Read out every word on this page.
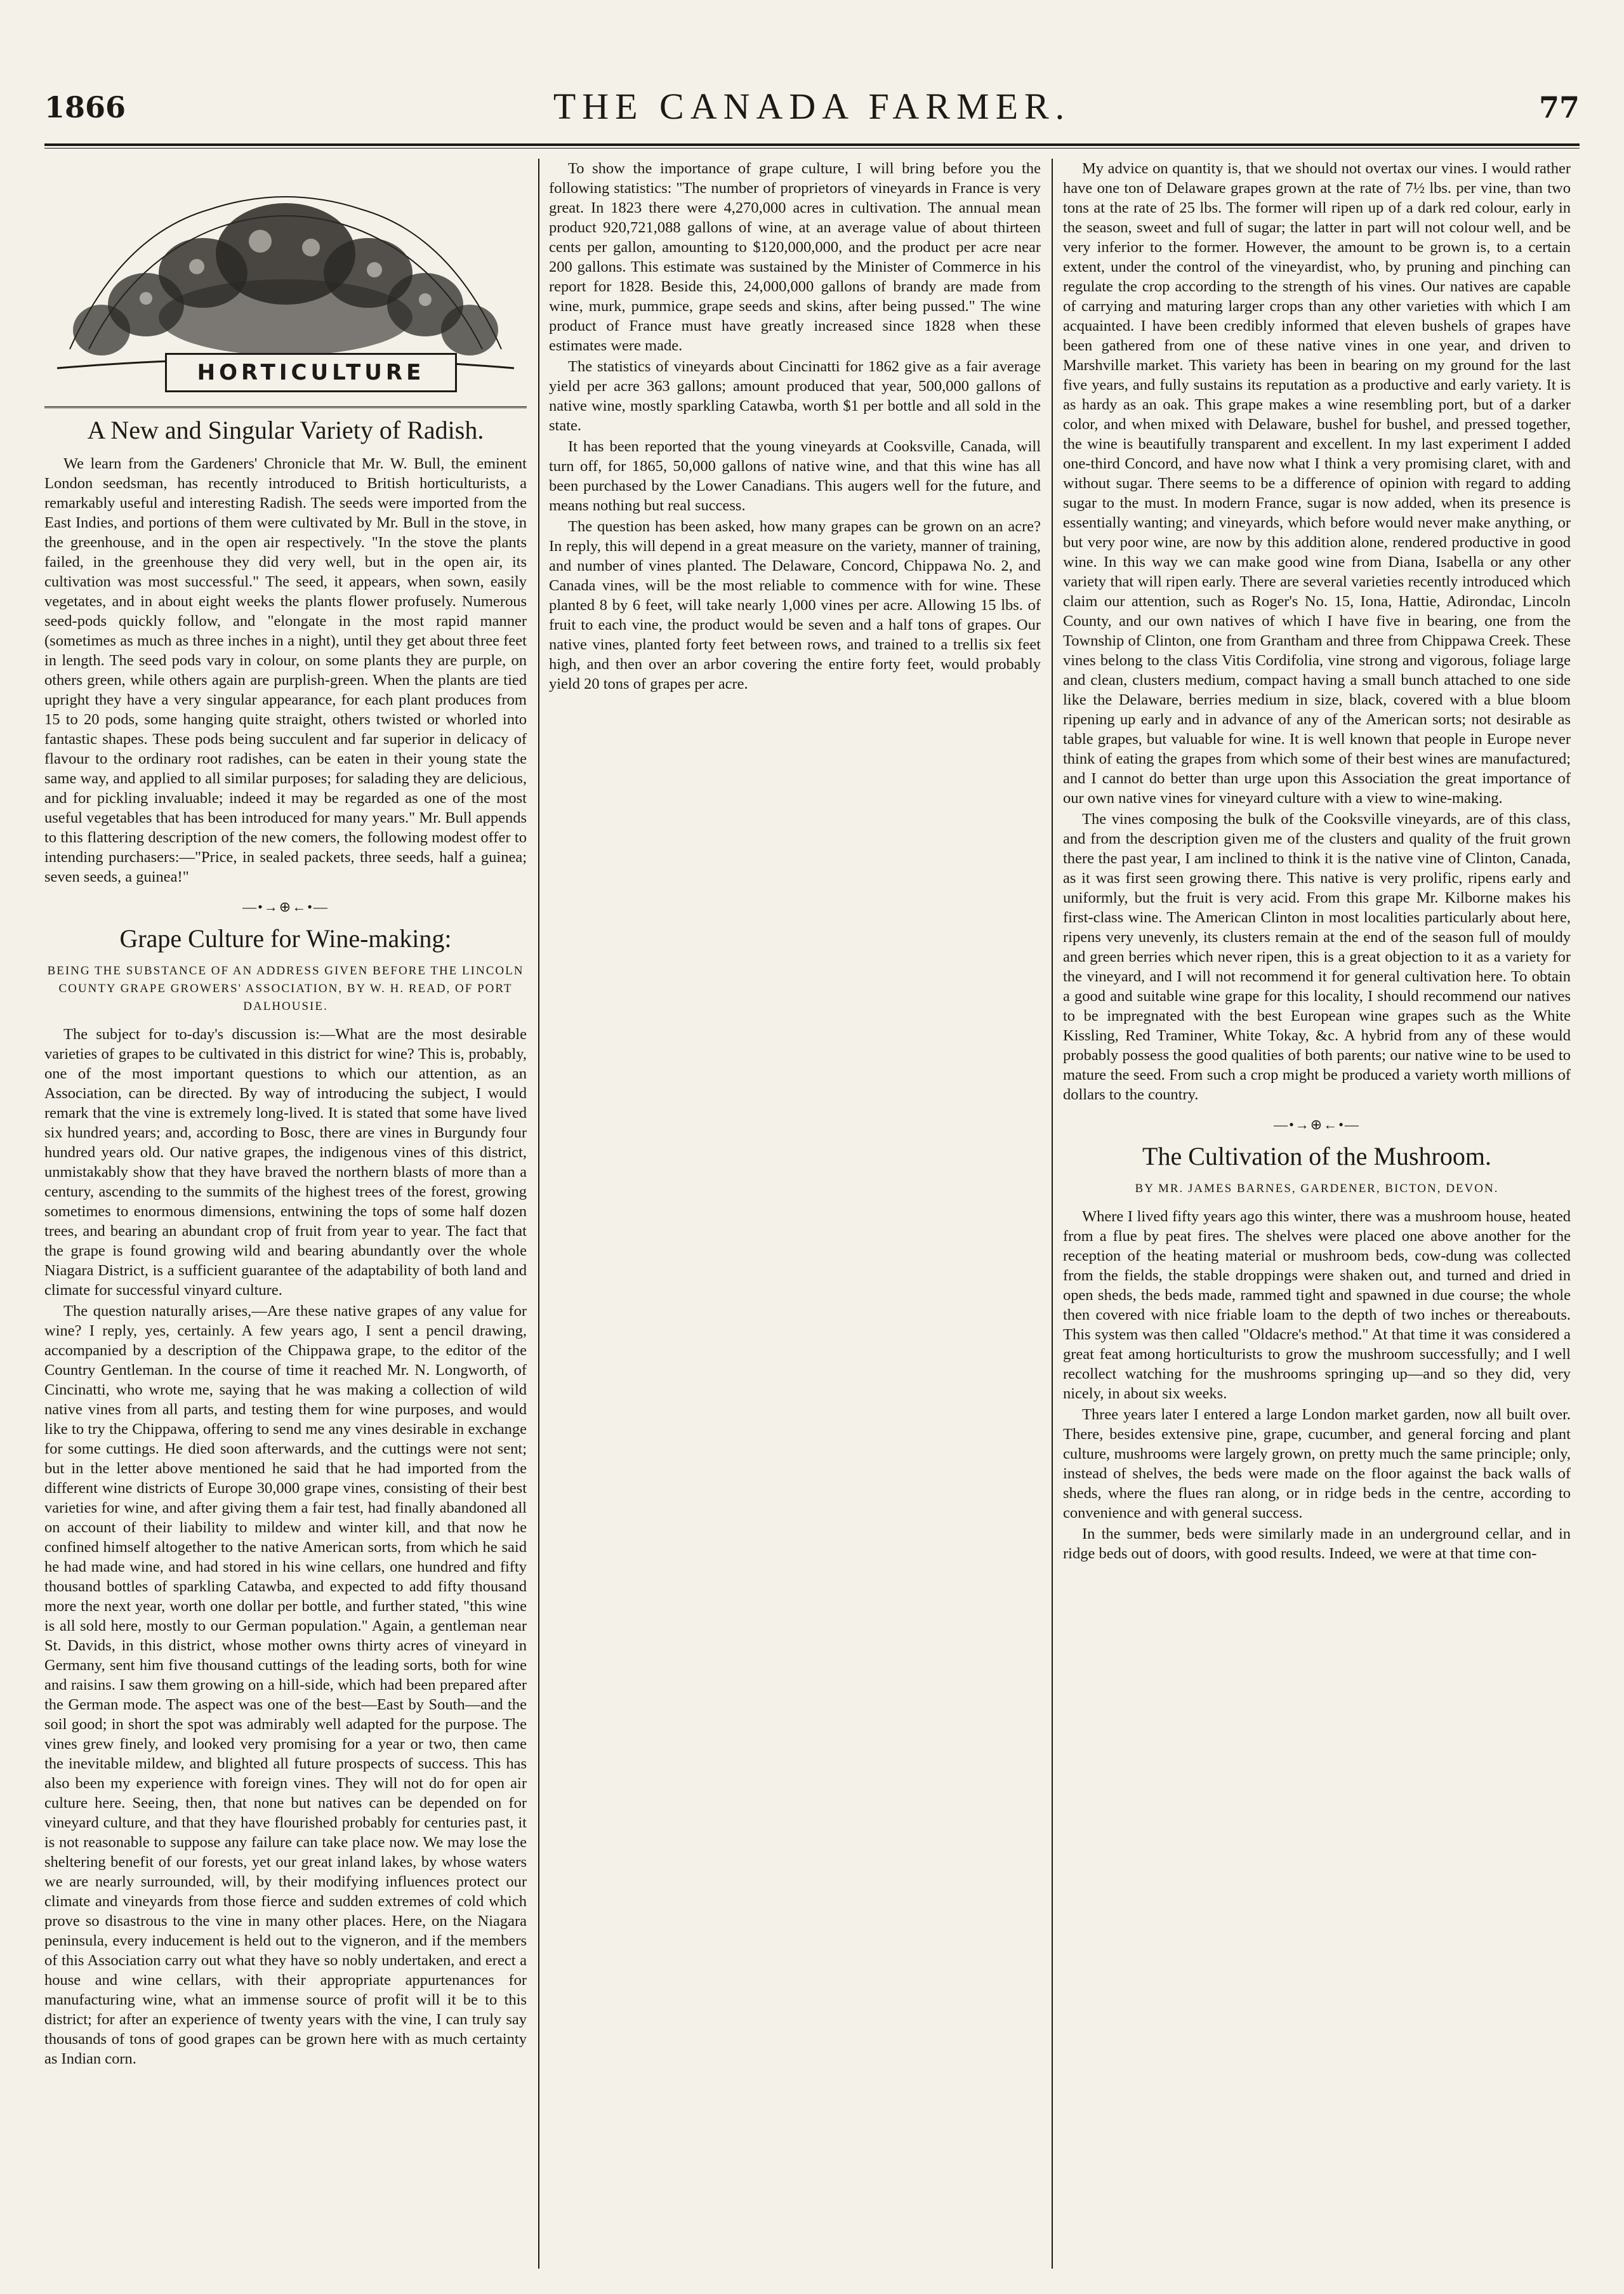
1866	THE CANADA FARMER.	77
HORTICULTURE
A New and Singular Variety of Radish.

We learn from the Gardeners' Chronicle that Mr. W. Bull, the eminent London seedsman, has recently introduced to British horticulturists, a remarkably useful and interesting Radish. The seeds were imported from the East Indies, and portions of them were cultivated by Mr. Bull in the stove, in the greenhouse, and in the open air respectively. "In the stove the plants failed, in the greenhouse they did very well, but in the open air, its cultivation was most successful." The seed, it appears, when sown, easily vegetates, and in about eight weeks the plants flower profusely. Numerous seed-pods quickly follow, and "elongate in the most rapid manner (sometimes as much as three inches in a night), until they get about three feet in length. The seed pods vary in colour, on some plants they are purple, on others green, while others again are purplish-green. When the plants are tied upright they have a very singular appearance, for each plant produces from 15 to 20 pods, some hanging quite straight, others twisted or whorled into fantastic shapes. These pods being succulent and far superior in delicacy of flavour to the ordinary root radishes, can be eaten in their young state the same way, and applied to all similar purposes; for salading they are delicious, and for pickling invaluable; indeed it may be regarded as one of the most useful vegetables that has been introduced for many years." Mr. Bull appends to this flattering description of the new comers, the following modest offer to intending purchasers:—"Price, in sealed packets, three seeds, half a guinea; seven seeds, a guinea!"

—•→⊕←•—
Grape Culture for Wine-making:
BEING THE SUBSTANCE OF AN ADDRESS GIVEN BEFORE THE LINCOLN COUNTY GRAPE GROWERS' ASSOCIATION, BY W. H. READ, OF PORT DALHOUSIE.

The subject for to-day's discussion is:—What are the most desirable varieties of grapes to be cultivated in this district for wine? This is, probably, one of the most important questions to which our attention, as an Association, can be directed. By way of introducing the subject, I would remark that the vine is extremely long-lived. It is stated that some have lived six hundred years; and, according to Bosc, there are vines in Burgundy four hundred years old. Our native grapes, the indigenous vines of this district, unmistakably show that they have braved the northern blasts of more than a century, ascending to the summits of the highest trees of the forest, growing sometimes to enormous dimensions, entwining the tops of some half dozen trees, and bearing an abundant crop of fruit from year to year. The fact that the grape is found growing wild and bearing abundantly over the whole Niagara District, is a sufficient guarantee of the adaptability of both land and climate for successful vinyard culture.

The question naturally arises,—Are these native grapes of any value for wine? I reply, yes, certainly. A few years ago, I sent a pencil drawing, accompanied by a description of the Chippawa grape, to the editor of the Country Gentleman. In the course of time it reached Mr. N. Longworth, of Cincinatti, who wrote me, saying that he was making a collection of wild native vines from all parts, and testing them for wine purposes, and would like to try the Chippawa, offering to send me any vines desirable in exchange for some cuttings. He died soon afterwards, and the cuttings were not sent; but in the letter above mentioned he said that he had imported from the different wine districts of Europe 30,000 grape vines, consisting of their best varieties for wine, and after giving them a fair test, had finally abandoned all on account of their liability to mildew and winter kill, and that now he confined himself altogether to the native American sorts, from which he said he had made wine, and had stored in his wine cellars, one hundred and fifty thousand bottles of sparkling Catawba, and expected to add fifty thousand more the next year, worth one dollar per bottle, and further stated, "this wine is all sold here, mostly to our German population." Again, a gentleman near St. Davids, in this district, whose mother owns thirty acres of vineyard in Germany, sent him five thousand cuttings of the leading sorts, both for wine and raisins. I saw them growing on a hill-side, which had been prepared after the German mode. The aspect was one of the best—East by South—and the soil good; in short the spot was admirably well adapted for the purpose. The vines grew finely, and looked very promising for a year or two, then came the inevitable mildew, and blighted all future prospects of success. This has also been my experience with foreign vines. They will not do for open air culture here. Seeing, then, that none but natives can be depended on for vineyard culture, and that they have flourished probably for centuries past, it is not reasonable to suppose any failure can take place now. We may lose the sheltering benefit of our forests, yet our great inland lakes, by whose waters we are nearly surrounded, will, by their modifying influences protect our climate and vineyards from those fierce and sudden extremes of cold which prove so disastrous to the vine in many other places. Here, on the Niagara peninsula, every inducement is held out to the vigneron, and if the members of this Association carry out what they have so nobly undertaken, and erect a house and wine cellars, with their appropriate appurtenances for manufacturing wine, what an immense source of profit will it be to this district; for after an experience of twenty years with the vine, I can truly say thousands of tons of good grapes can be grown here with as much certainty as Indian corn.

To show the importance of grape culture, I will bring before you the following statistics: "The number of proprietors of vineyards in France is very great. In 1823 there were 4,270,000 acres in cultivation. The annual mean product 920,721,088 gallons of wine, at an average value of about thirteen cents per gallon, amounting to $120,000,000, and the product per acre near 200 gallons. This estimate was sustained by the Minister of Commerce in his report for 1828. Beside this, 24,000,000 gallons of brandy are made from wine, murk, pummice, grape seeds and skins, after being pussed." The wine product of France must have greatly increased since 1828 when these estimates were made.

The statistics of vineyards about Cincinatti for 1862 give as a fair average yield per acre 363 gallons; amount produced that year, 500,000 gallons of native wine, mostly sparkling Catawba, worth $1 per bottle and all sold in the state.

It has been reported that the young vineyards at Cooksville, Canada, will turn off, for 1865, 50,000 gallons of native wine, and that this wine has all been purchased by the Lower Canadians. This augers well for the future, and means nothing but real success.

The question has been asked, how many grapes can be grown on an acre? In reply, this will depend in a great measure on the variety, manner of training, and number of vines planted. The Delaware, Concord, Chippawa No. 2, and Canada vines, will be the most reliable to commence with for wine. These planted 8 by 6 feet, will take nearly 1,000 vines per acre. Allowing 15 lbs. of fruit to each vine, the product would be seven and a half tons of grapes. Our native vines, planted forty feet between rows, and trained to a trellis six feet high, and then over an arbor covering the entire forty feet, would probably yield 20 tons of grapes per acre.

My advice on quantity is, that we should not overtax our vines. I would rather have one ton of Delaware grapes grown at the rate of 7½ lbs. per vine, than two tons at the rate of 25 lbs. The former will ripen up of a dark red colour, early in the season, sweet and full of sugar; the latter in part will not colour well, and be very inferior to the former. However, the amount to be grown is, to a certain extent, under the control of the vineyardist, who, by pruning and pinching can regulate the crop according to the strength of his vines. Our natives are capable of carrying and maturing larger crops than any other varieties with which I am acquainted. I have been credibly informed that eleven bushels of grapes have been gathered from one of these native vines in one year, and driven to Marshville market. This variety has been in bearing on my ground for the last five years, and fully sustains its reputation as a productive and early variety. It is as hardy as an oak. This grape makes a wine resembling port, but of a darker color, and when mixed with Delaware, bushel for bushel, and pressed together, the wine is beautifully transparent and excellent. In my last experiment I added one-third Concord, and have now what I think a very promising claret, with and without sugar. There seems to be a difference of opinion with regard to adding sugar to the must. In modern France, sugar is now added, when its presence is essentially wanting; and vineyards, which before would never make anything, or but very poor wine, are now by this addition alone, rendered productive in good wine. In this way we can make good wine from Diana, Isabella or any other variety that will ripen early. There are several varieties recently introduced which claim our attention, such as Roger's No. 15, Iona, Hattie, Adirondac, Lincoln County, and our own natives of which I have five in bearing, one from the Township of Clinton, one from Grantham and three from Chippawa Creek. These vines belong to the class Vitis Cordifolia, vine strong and vigorous, foliage large and clean, clusters medium, compact having a small bunch attached to one side like the Delaware, berries medium in size, black, covered with a blue bloom ripening up early and in advance of any of the American sorts; not desirable as table grapes, but valuable for wine. It is well known that people in Europe never think of eating the grapes from which some of their best wines are manufactured; and I cannot do better than urge upon this Association the great importance of our own native vines for vineyard culture with a view to wine-making.

The vines composing the bulk of the Cooksville vineyards, are of this class, and from the description given me of the clusters and quality of the fruit grown there the past year, I am inclined to think it is the native vine of Clinton, Canada, as it was first seen growing there. This native is very prolific, ripens early and uniformly, but the fruit is very acid. From this grape Mr. Kilborne makes his first-class wine. The American Clinton in most localities particularly about here, ripens very unevenly, its clusters remain at the end of the season full of mouldy and green berries which never ripen, this is a great objection to it as a variety for the vineyard, and I will not recommend it for general cultivation here. To obtain a good and suitable wine grape for this locality, I should recommend our natives to be impregnated with the best European wine grapes such as the White Kissling, Red Traminer, White Tokay, &c. A hybrid from any of these would probably possess the good qualities of both parents; our native wine to be used to mature the seed. From such a crop might be produced a variety worth millions of dollars to the country.

—•→⊕←•—
The Cultivation of the Mushroom.
BY MR. JAMES BARNES, GARDENER, BICTON, DEVON.

Where I lived fifty years ago this winter, there was a mushroom house, heated from a flue by peat fires. The shelves were placed one above another for the reception of the heating material or mushroom beds, cow-dung was collected from the fields, the stable droppings were shaken out, and turned and dried in open sheds, the beds made, rammed tight and spawned in due course; the whole then covered with nice friable loam to the depth of two inches or thereabouts. This system was then called "Oldacre's method." At that time it was considered a great feat among horticulturists to grow the mushroom successfully; and I well recollect watching for the mushrooms springing up—and so they did, very nicely, in about six weeks.

Three years later I entered a large London market garden, now all built over. There, besides extensive pine, grape, cucumber, and general forcing and plant culture, mushrooms were largely grown, on pretty much the same principle; only, instead of shelves, the beds were made on the floor against the back walls of sheds, where the flues ran along, or in ridge beds in the centre, according to convenience and with general success.

In the summer, beds were similarly made in an underground cellar, and in ridge beds out of doors, with good results. Indeed, we were at that time con-
